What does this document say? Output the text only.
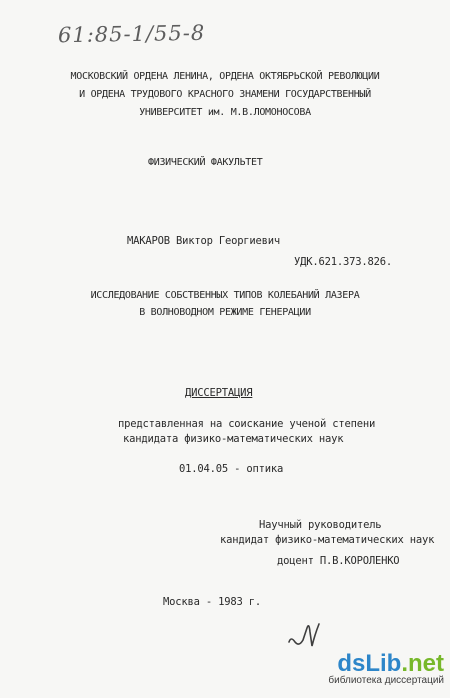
61:85-1/55-8
МОСКОВСКИЙ ОРДЕНА ЛЕНИНА, ОРДЕНА ОКТЯБРЬСКОЙ РЕВОЛЮЦИИ
И ОРДЕНА ТРУДОВОГО КРАСНОГО ЗНАМЕНИ ГОСУДАРСТВЕННЫЙ
УНИВЕРСИТЕТ им. М.В.ЛОМОНОСОВА
ФИЗИЧЕСКИЙ ФАКУЛЬТЕТ
МАКАРОВ Виктор Георгиевич
УДК.621.373.826.
ИССЛЕДОВАНИЕ СОБСТВЕННЫХ ТИПОВ КОЛЕБАНИЙ ЛАЗЕРА
В ВОЛНОВОДНОМ РЕЖИМЕ ГЕНЕРАЦИИ
ДИССЕРТАЦИЯ
представленная на соискание ученой степени
кандидата физико-математических наук
01.04.05 - оптика
Научный руководитель
кандидат физико-математических наук
доцент П.В.КОРОЛЕНКО
Москва - 1983 г.
dsLib.net
библиотека диссертаций
